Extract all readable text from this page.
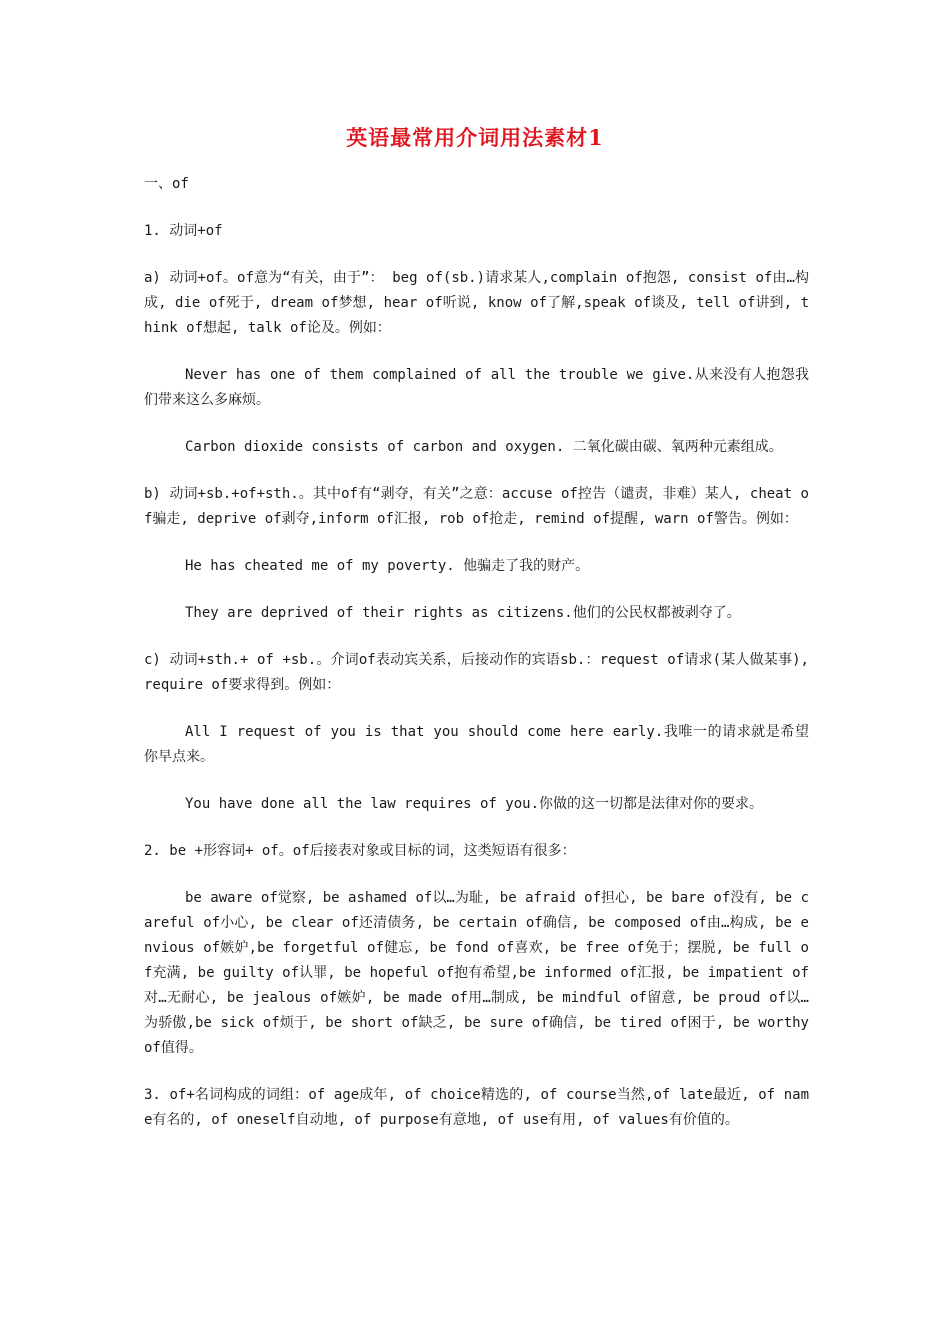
英语最常用介词用法素材1

一、of

1. 动词+of

a) 动词+of。of意为“有关，由于”： beg of(sb.)请求某人,complain of抱怨, consist of由…构成, die of死于, dream of梦想, hear of听说, know of了解,speak of谈及, tell of讲到, think of想起, talk of论及。例如：

Never has one of them complained of all the trouble we give.从来没有人抱怨我们带来这么多麻烦。

Carbon dioxide consists of carbon and oxygen. 二氧化碳由碳、氧两种元素组成。

b) 动词+sb.+of+sth.。其中of有“剥夺，有关”之意：accuse of控告（谴责，非难）某人, cheat of骗走, deprive of剥夺,inform of汇报, rob of抢走, remind of提醒, warn of警告。例如：

He has cheated me of my poverty. 他骗走了我的财产。

They are deprived of their rights as citizens.他们的公民权都被剥夺了。

c) 动词+sth.+ of +sb.。介词of表动宾关系，后接动作的宾语sb.：request of请求(某人做某事), require of要求得到。例如：

All I request of you is that you should come here early.我唯一的请求就是希望你早点来。

You have done all the law requires of you.你做的这一切都是法律对你的要求。

2. be +形容词+ of。of后接表对象或目标的词，这类短语有很多：

be aware of觉察, be ashamed of以…为耻, be afraid of担心, be bare of没有, be careful of小心, be clear of还清债务, be certain of确信, be composed of由…构成, be envious of嫉妒,be forgetful of健忘, be fond of喜欢, be free of免于；摆脱, be full of充满, be guilty of认罪, be hopeful of抱有希望,be informed of汇报, be impatient of对…无耐心, be jealous of嫉妒, be made of用…制成, be mindful of留意, be proud of以…为骄傲,be sick of烦于, be short of缺乏, be sure of确信, be tired of困于, be worthy of值得。

3. of+名词构成的词组：of age成年, of choice精选的, of course当然,of late最近, of name有名的, of oneself自动地, of purpose有意地, of use有用, of values有价值的。
